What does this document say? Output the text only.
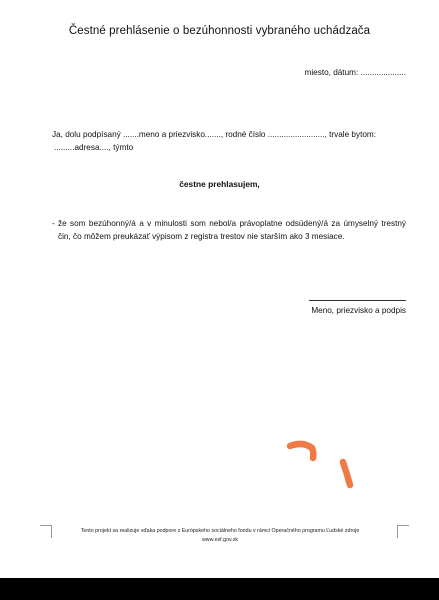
Čestné prehlásenie o bezúhonnosti vybraného uchádzača
miesto, dátum: ....................
Ja, dolu podpísaný .......meno a priezvisko......., rodné číslo ........................., trvale bytom:
.........adresa...., týmto
čestne prehlasujem,
- že som bezúhonný/á a v minulosti som nebol/a právoplatne odsúdený/á za úmyselný trestný čin, čo môžem preukázať výpisom z registra trestov nie starším ako 3 mesiace.
Meno, priezvisko a podpis
Tento projekt sa realizuje vďaka podpore z Európskeho sociálneho fondu v rámci Operačného programu Ľudské zdroje
www.esf.gov.sk
